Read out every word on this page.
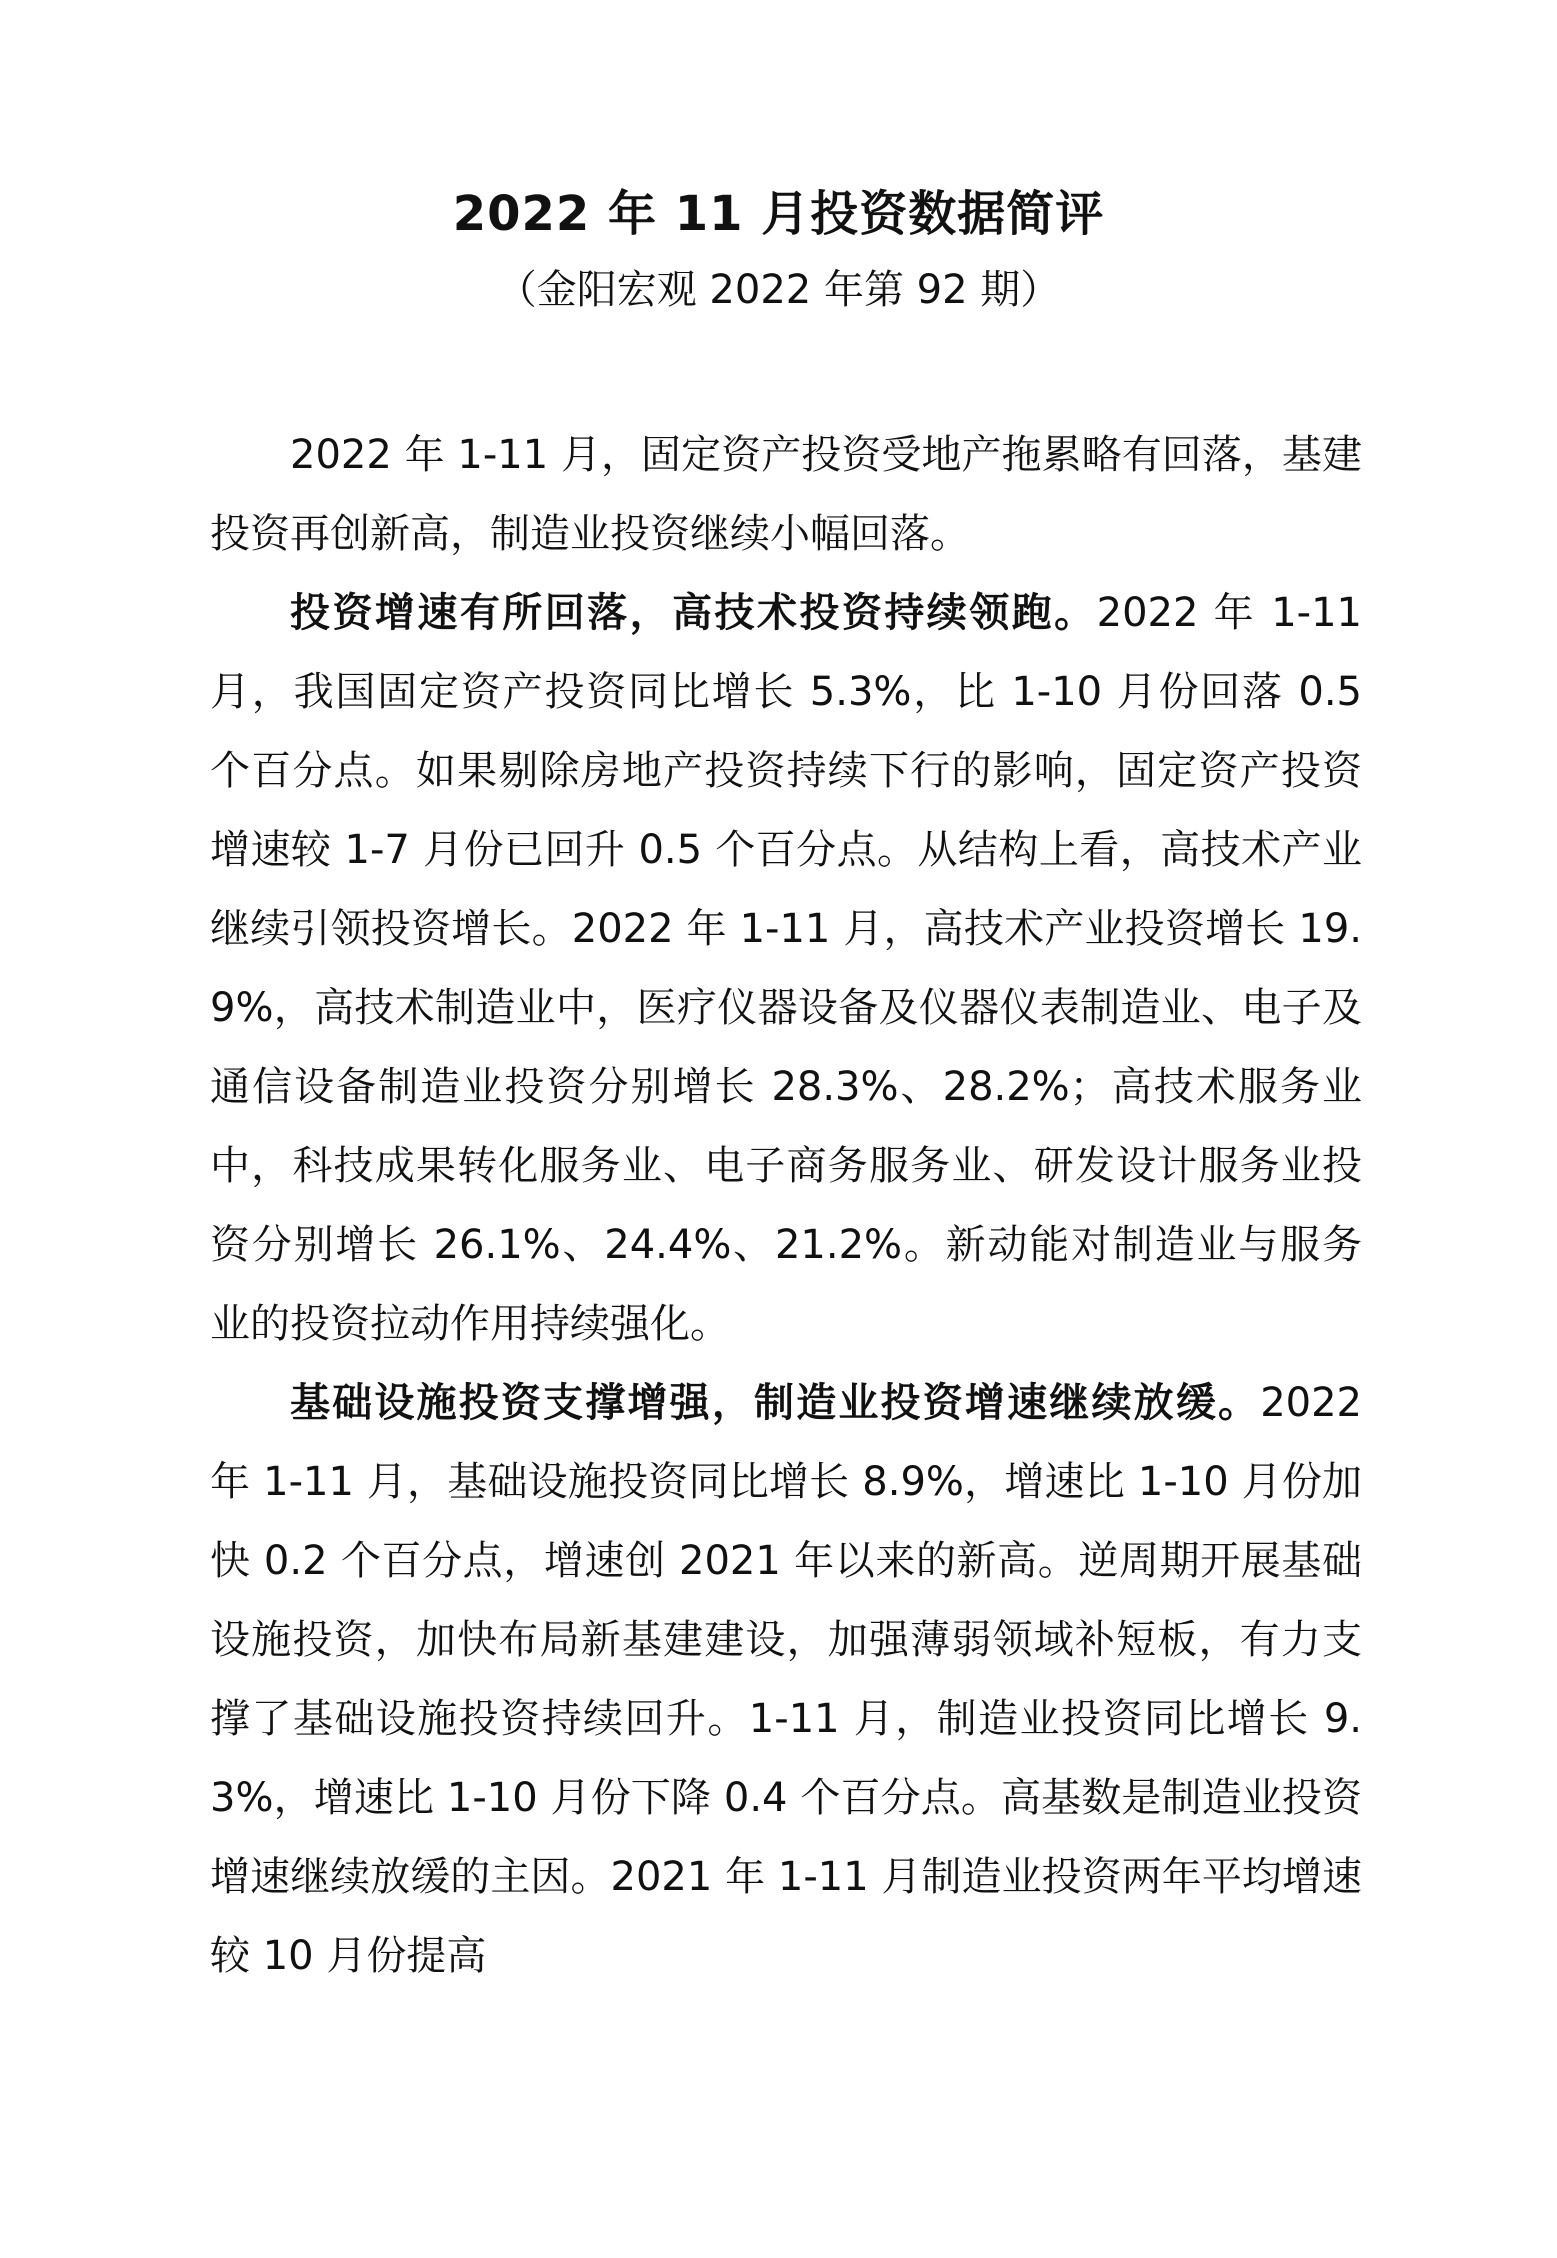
2022 年 11 月投资数据简评
（金阳宏观 2022 年第 92 期）

2022 年 1-11 月，固定资产投资受地产拖累略有回落，基建投资再创新高，制造业投资继续小幅回落。

投资增速有所回落，高技术投资持续领跑。2022 年 1-11 月，我国固定资产投资同比增长 5.3%，比 1-10 月份回落 0.5 个百分点。如果剔除房地产投资持续下行的影响，固定资产投资增速较 1-7 月份已回升 0.5 个百分点。从结构上看，高技术产业继续引领投资增长。2022 年 1-11 月，高技术产业投资增长 19.9%，高技术制造业中，医疗仪器设备及仪器仪表制造业、电子及通信设备制造业投资分别增长 28.3%、28.2%；高技术服务业中，科技成果转化服务业、电子商务服务业、研发设计服务业投资分别增长 26.1%、24.4%、21.2%。新动能对制造业与服务业的投资拉动作用持续强化。

基础设施投资支撑增强，制造业投资增速继续放缓。2022 年 1-11 月，基础设施投资同比增长 8.9%，增速比 1-10 月份加快 0.2 个百分点，增速创 2021 年以来的新高。逆周期开展基础设施投资，加快布局新基建建设，加强薄弱领域补短板，有力支撑了基础设施投资持续回升。1-11 月，制造业投资同比增长 9.3%，增速比 1-10 月份下降 0.4 个百分点。高基数是制造业投资增速继续放缓的主因。2021 年 1-11 月制造业投资两年平均增速较 10 月份提高
